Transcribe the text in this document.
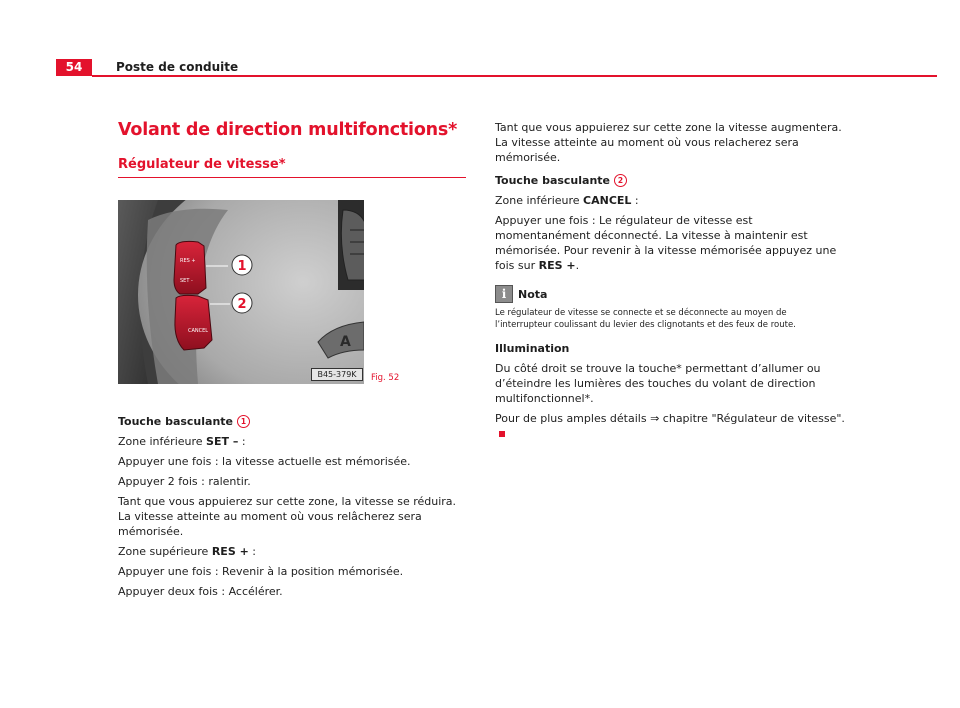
54	Poste de conduite
Volant de direction multifonctions*
Régulateur de vitesse*
A
RES +
SET -
CANCEL
1
2
B45-379K	Fig. 52
Touche basculante 1

Zone inférieure SET – :

Appuyer une fois : la vitesse actuelle est mémorisée.

Appuyer 2 fois : ralentir.

Tant que vous appuierez sur cette zone, la vitesse se réduira. La vitesse atteinte au moment où vous relâcherez sera mémorisée.

Zone supérieure RES + :

Appuyer une fois : Revenir à la position mémorisée.

Appuyer deux fois : Accélérer.

Tant que vous appuierez sur cette zone la vitesse augmentera. La vitesse atteinte au moment où vous relacherez sera mémorisée.

Touche basculante 2

Zone inférieure CANCEL :

Appuyer une fois : Le régulateur de vitesse est momentanément déconnecté. La vitesse à maintenir est mémorisée. Pour revenir à la vitesse mémorisée appuyez une fois sur RES +.

i	Nota

Le régulateur de vitesse se connecte et se déconnecte au moyen de l’interrupteur coulissant du levier des clignotants et des feux de route.

Illumination

Du côté droit se trouve la touche* permettant d’allumer ou d’éteindre les lumières des touches du volant de direction multifonctionnel*.

Pour de plus amples détails ⇒ chapitre "Régulateur de vitesse".
